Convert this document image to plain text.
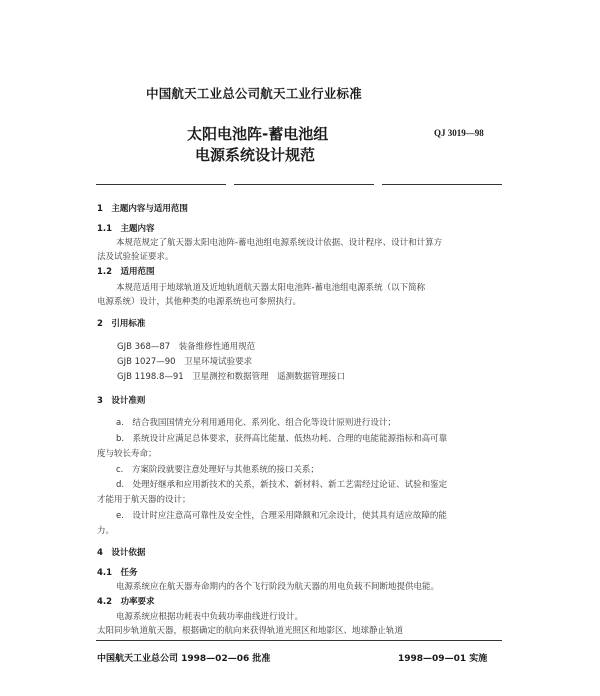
中国航天工业总公司航天工业行业标准
太阳电池阵-蓄电池组
电源系统设计规范
QJ 3019—98
1　主题内容与适用范围
1.1　主题内容
本规范规定了航天器太阳电池阵-蓄电池组电源系统设计依据、设计程序、设计和计算方
法及试验验证要求。
1.2　适用范围
本规范适用于地球轨道及近地轨道航天器太阳电池阵-蓄电池组电源系统（以下简称
电源系统）设计，其他种类的电源系统也可参照执行。
2　引用标准
GJB 368—87　装备维修性通用规范
GJB 1027—90　卫星环境试验要求
GJB 1198.8—91　卫星测控和数据管理　遥测数据管理接口
3　设计准则
a.　结合我国国情充分利用通用化、系列化、组合化等设计原则进行设计；
b.　系统设计应满足总体要求，获得高比能量、低热功耗、合理的电能能源指标和高可靠
度与较长寿命；
c.　方案阶段就要注意处理好与其他系统的接口关系；
d.　处理好继承和应用新技术的关系，新技术、新材料、新工艺需经过论证、试验和鉴定
才能用于航天器的设计；
e.　设计时应注意高可靠性及安全性，合理采用降额和冗余设计，使其具有适应故障的能
力。
4　设计依据
4.1　任务
电源系统应在航天器寿命期内的各个飞行阶段为航天器的用电负载不间断地提供电能。
4.2　功率要求
电源系统应根据功耗表中负载功率曲线进行设计。
太阳同步轨道航天器，根据确定的航向来获得轨道光照区和地影区、地球静止轨道
中国航天工业总公司 1998—02—06 批准	1998—09—01 实施
